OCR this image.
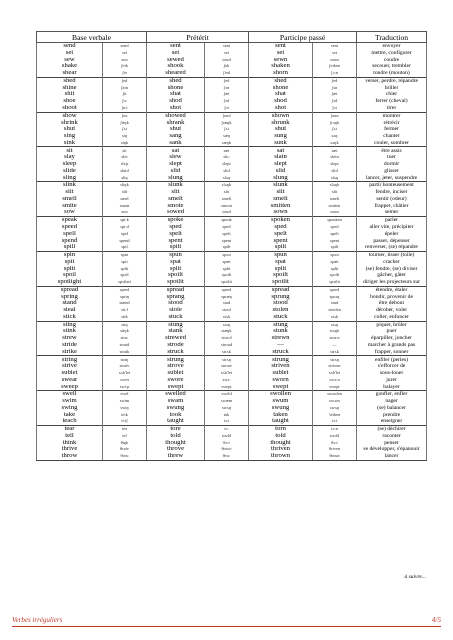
Base verbale		Prétérit		Participe passé		Traduction
send	send	sent	sent	sent	sent	envoyer
set	set	set	set	set	set	mettre, configurer
sew	sou	sewed	soud	sewn	soun	coudre
shake	ʃeik	shook	ʃuk	shaken	ʃeiken	secouer, trembler
shear	ʃiɘ	sheared	ʃiɘd	shorn	ʃɔːn	tondre (mouton)
shed	ʃed	shed	ʃed	shed	ʃed	verser, perdre, répandre
shine	ʃain	shone	ʃɔn	shone	ʃɔn	briller
shit	ʃit	shat	ʃæt	shat	ʃæt	chier
shoe	ʃuː	shod	ʃɔd	shod	ʃɔd	ferrer (cheval)
shoot	ʃuːt	shot	ʃɔt	shot	ʃɔt	tirer
show	ʃou	showed	ʃoud	shown	ʃoun	montrer
shrink	ʃriŋk	shrank	ʃræŋk	shrunk	ʃrʌŋk	rétrécir
shut	ʃʌt	shut	ʃʌt	shut	ʃʌt	fermer
sing	siŋ	sang	sæŋ	sung	sʌŋ	chanter
sink	siŋk	sank	sæŋk	sunk	sʌŋk	couler, sombrer
sit	sit	sat	sæt	sat	sæt	être assis
slay	slei	slew	sluː	slain	slein	tuer
sleep	sliːp	slept	slept	slept	slept	dormir
slide	slaid	slid	slid	slid	slid	glisser
sling	sliŋ	slung	slʌŋ	slung	slʌŋ	lancer, jeter, suspendre
slink	sliŋk	slunk	slʌŋk	slunk	slʌŋk	partir honteusement
slit	slit	slit	slit	slit	slit	fendre, inciser
smell	smel	smelt	smelt	smelt	smelt	sentir (odeur)
smite	smait	smote	smout	smitten	smiten	frapper, châtier
sow	sou	sowed	soud	sown	soun	semer
speak	spiːk	spoke	spouk	spoken	spouken	parler
speed	spiːd	sped	sped	sped	sped	aller vite, précipiter
spell	spel	spelt	spelt	spelt	spelt	épeler
spend	spend	spent	spent	spent	spent	passer, dépenser
spill	spil	spilt	spilt	spilt	spilt	renverser, (se) répandre
spin	spin	spun	spʌn	spun	spʌn	tourner, tisser (toile)
spit	spit	spat	spæt	spat	spæt	cracher
split	split	split	split	split	split	(se) fendre, (se) diviser
spoil	spɔil	spoilt	spɔilt	spoilt	spɔilt	gâcher, gâter
spotlight	spɔtlait	spotlit	spɔtlit	spotlit	spɔtlit	diriger les projecteurs sur
spread	spred	spread	spred	spread	spred	étendre, étaler
spring	spriŋ	sprang	spræŋ	sprung	sprʌŋ	bondir, provenir de
stand	stænd	stood	stud	stood	stud	être debout
steal	stiːl	stole	stoul	stolen	stoulen	dérober, voler
stick	stik	stuck	stʌk	stuck	stʌk	coller, enfoncer
sting	stiŋ	stung	stʌŋ	stung	stʌŋ	piquer, brûler
stink	stiŋk	stank	stæŋk	stunk	stʌŋk	puer
strew	struː	strewed	struːd	strewn	struːn	éparpiller, joncher
stride	straid	strode	stroud	—	—	marcher à grands pas
strike	straik	struck	strʌk	struck	strʌk	frapper, sonner
string	striŋ	strung	strʌŋ	strung	strʌŋ	enfiler (perles)
strive	straiv	strove	strouv	striven	striven	s'efforcer de
sublet	sʌb'let	sublet	sʌb'let	sublet	sʌb'let	sous-louer
swear	sweɘ	swore	swɔː	sworn	swɔːn	jurer
sweep	swiːp	swept	swept	swept	swept	balayer
swell	swel	swelled	sweld	swollen	swoulen	gonfler, enfler
swim	swim	swam	swæm	swum	swʌm	nager
swing	swiŋ	swung	swʌŋ	swung	swʌŋ	(se) balancer
take	teik	took	tuk	taken	'teiken	prendre
teach	tiːtʃ	taught	tɔːt	taught	tɔːt	enseigner
tear	teɘ	tore	tɔː	torn	tɔːn	(se) déchirer
tell	tel	told	tould	told	tould	raconter
think	θiŋk	thought	θɔːt	thought	θɔːt	penser
thrive	θraiv	throve	θrouv	thriven	θriven	se développer, s'épanouir
throw	θrou	threw	θruː	thrown	θroun	lancer
à suivre...
Verbes irréguliers	4/5
